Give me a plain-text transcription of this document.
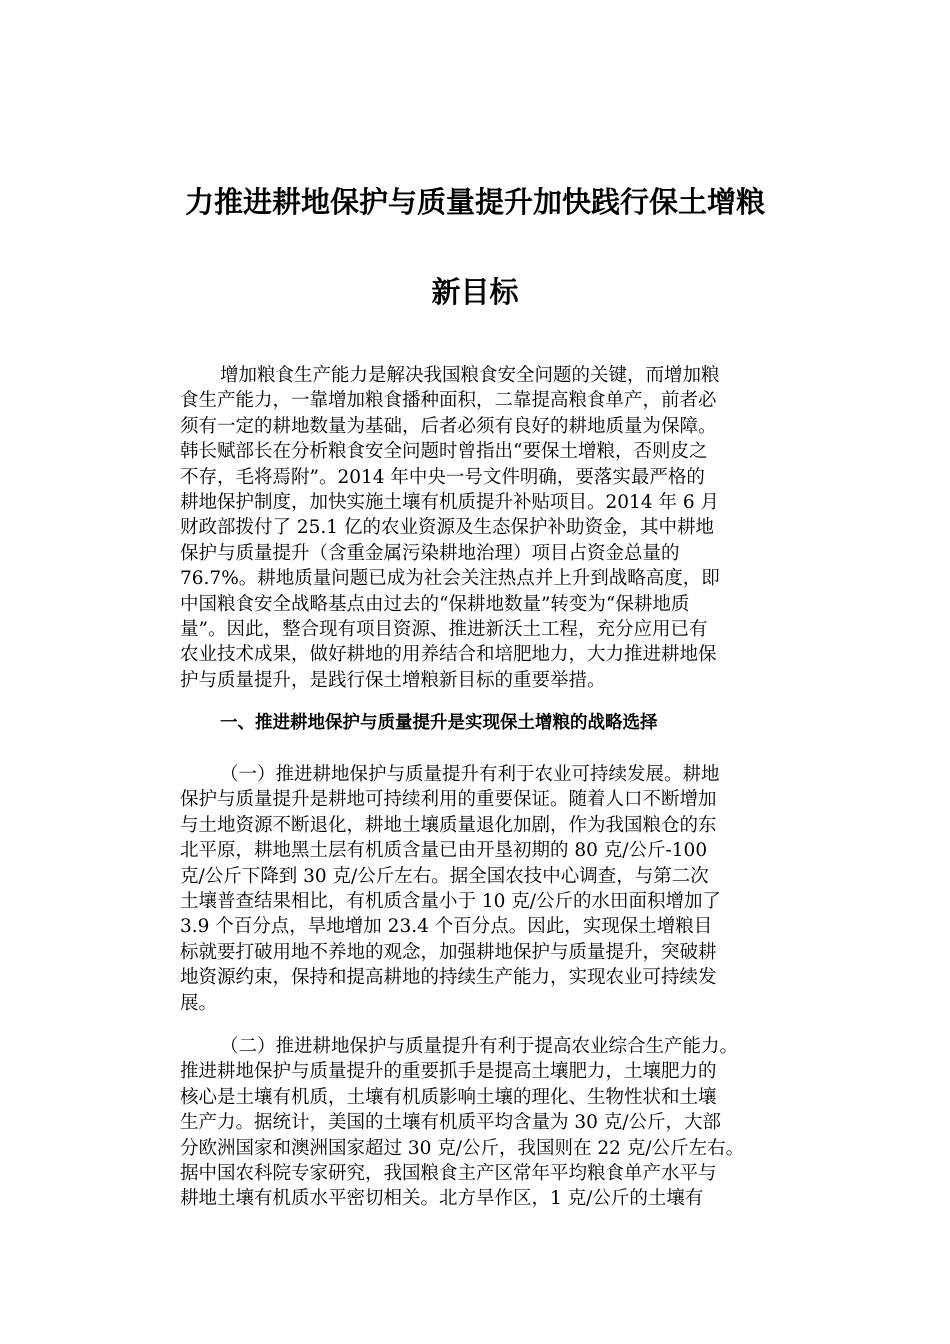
力推进耕地保护与质量提升加快践行保土增粮
新目标
增加粮食生产能力是解决我国粮食安全问题的关键，而增加粮
食生产能力，一靠增加粮食播种面积，二靠提高粮食单产，前者必
须有一定的耕地数量为基础，后者必须有良好的耕地质量为保障。
韩长赋部长在分析粮食安全问题时曾指出“要保土增粮，否则皮之
不存，毛将焉附”。2014 年中央一号文件明确，要落实最严格的
耕地保护制度，加快实施土壤有机质提升补贴项目。2014 年 6 月
财政部拨付了 25.1 亿的农业资源及生态保护补助资金，其中耕地
保护与质量提升（含重金属污染耕地治理）项目占资金总量的
76.7%。耕地质量问题已成为社会关注热点并上升到战略高度，即
中国粮食安全战略基点由过去的“保耕地数量”转变为“保耕地质
量”。因此，整合现有项目资源、推进新沃土工程，充分应用已有
农业技术成果，做好耕地的用养结合和培肥地力，大力推进耕地保
护与质量提升，是践行保土增粮新目标的重要举措。
一、推进耕地保护与质量提升是实现保土增粮的战略选择
（一）推进耕地保护与质量提升有利于农业可持续发展。耕地
保护与质量提升是耕地可持续利用的重要保证。随着人口不断增加
与土地资源不断退化，耕地土壤质量退化加剧，作为我国粮仓的东
北平原，耕地黑土层有机质含量已由开垦初期的 80 克/公斤-100
克/公斤下降到 30 克/公斤左右。据全国农技中心调查，与第二次
土壤普查结果相比，有机质含量小于 10 克/公斤的水田面积增加了
3.9 个百分点，旱地增加 23.4 个百分点。因此，实现保土增粮目
标就要打破用地不养地的观念，加强耕地保护与质量提升，突破耕
地资源约束，保持和提高耕地的持续生产能力，实现农业可持续发
展。
（二）推进耕地保护与质量提升有利于提高农业综合生产能力。
推进耕地保护与质量提升的重要抓手是提高土壤肥力，土壤肥力的
核心是土壤有机质，土壤有机质影响土壤的理化、生物性状和土壤
生产力。据统计，美国的土壤有机质平均含量为 30 克/公斤，大部
分欧洲国家和澳洲国家超过 30 克/公斤，我国则在 22 克/公斤左右。
据中国农科院专家研究，我国粮食主产区常年平均粮食单产水平与
耕地土壤有机质水平密切相关。北方旱作区，1 克/公斤的土壤有
